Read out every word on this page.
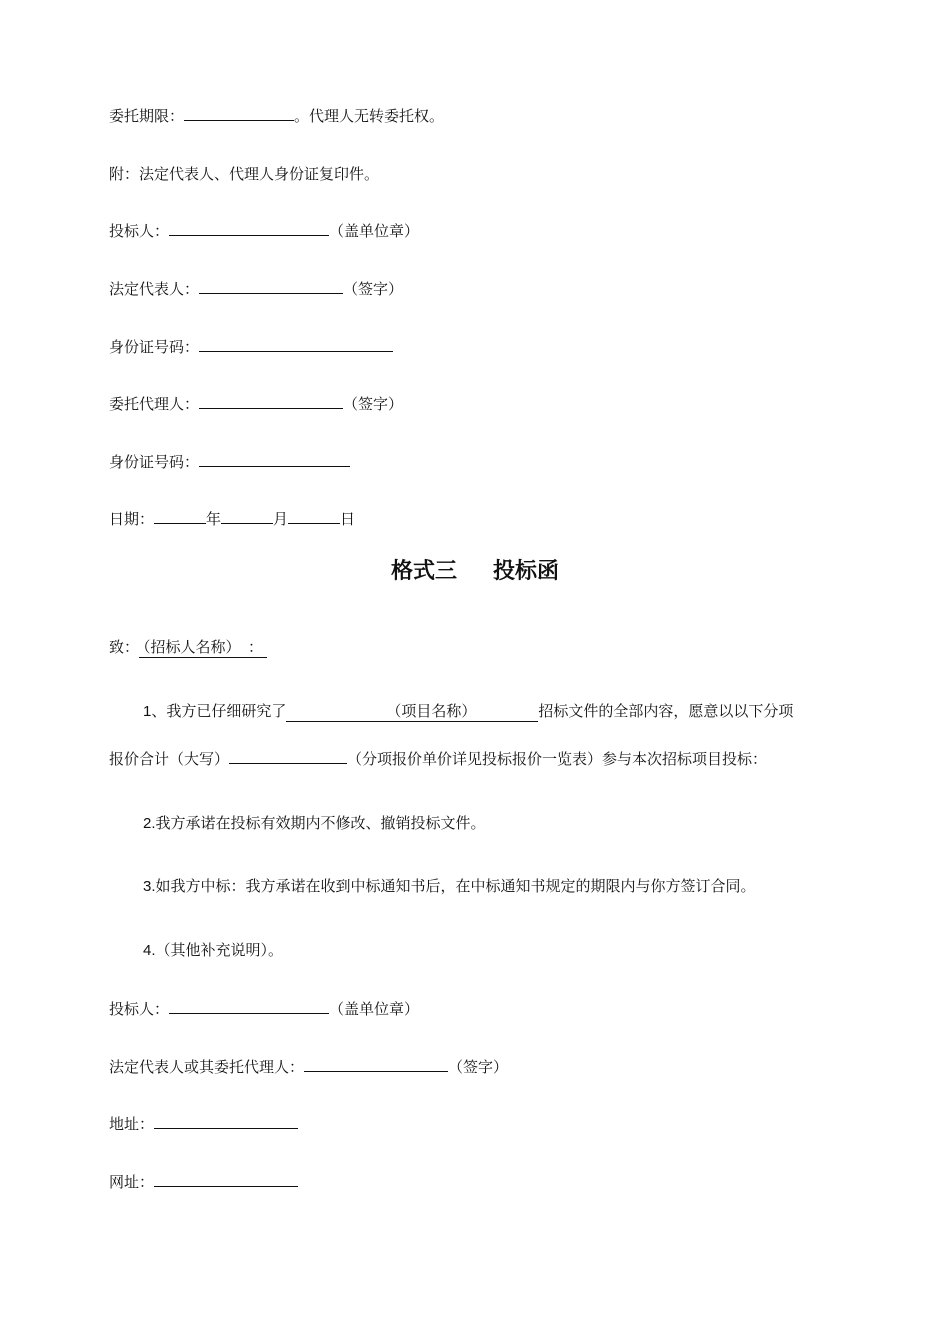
委托期限：	。代理人无转委托权。
附：法定代表人、代理人身份证复印件。
投标人：	（盖单位章）
法定代表人：	（签字）
身份证号码：
委托代理人：	（签字）
身份证号码：
日期：	年	月	日
格式三 投标函
致： （招标人名称）　：
1、我方已仔细研究了	（项目名称）	招标文件的全部内容，愿意以以下分项
报价合计（大写）	（分项报价单价详见投标报价一览表）参与本次招标项目投标：
2.我方承诺在投标有效期内不修改、撤销投标文件。
3.如我方中标：我方承诺在收到中标通知书后，在中标通知书规定的期限内与你方签订合同。
4.（其他补充说明）。
投标人：	（盖单位章）
法定代表人或其委托代理人：	（签字）
地址：
网址：
